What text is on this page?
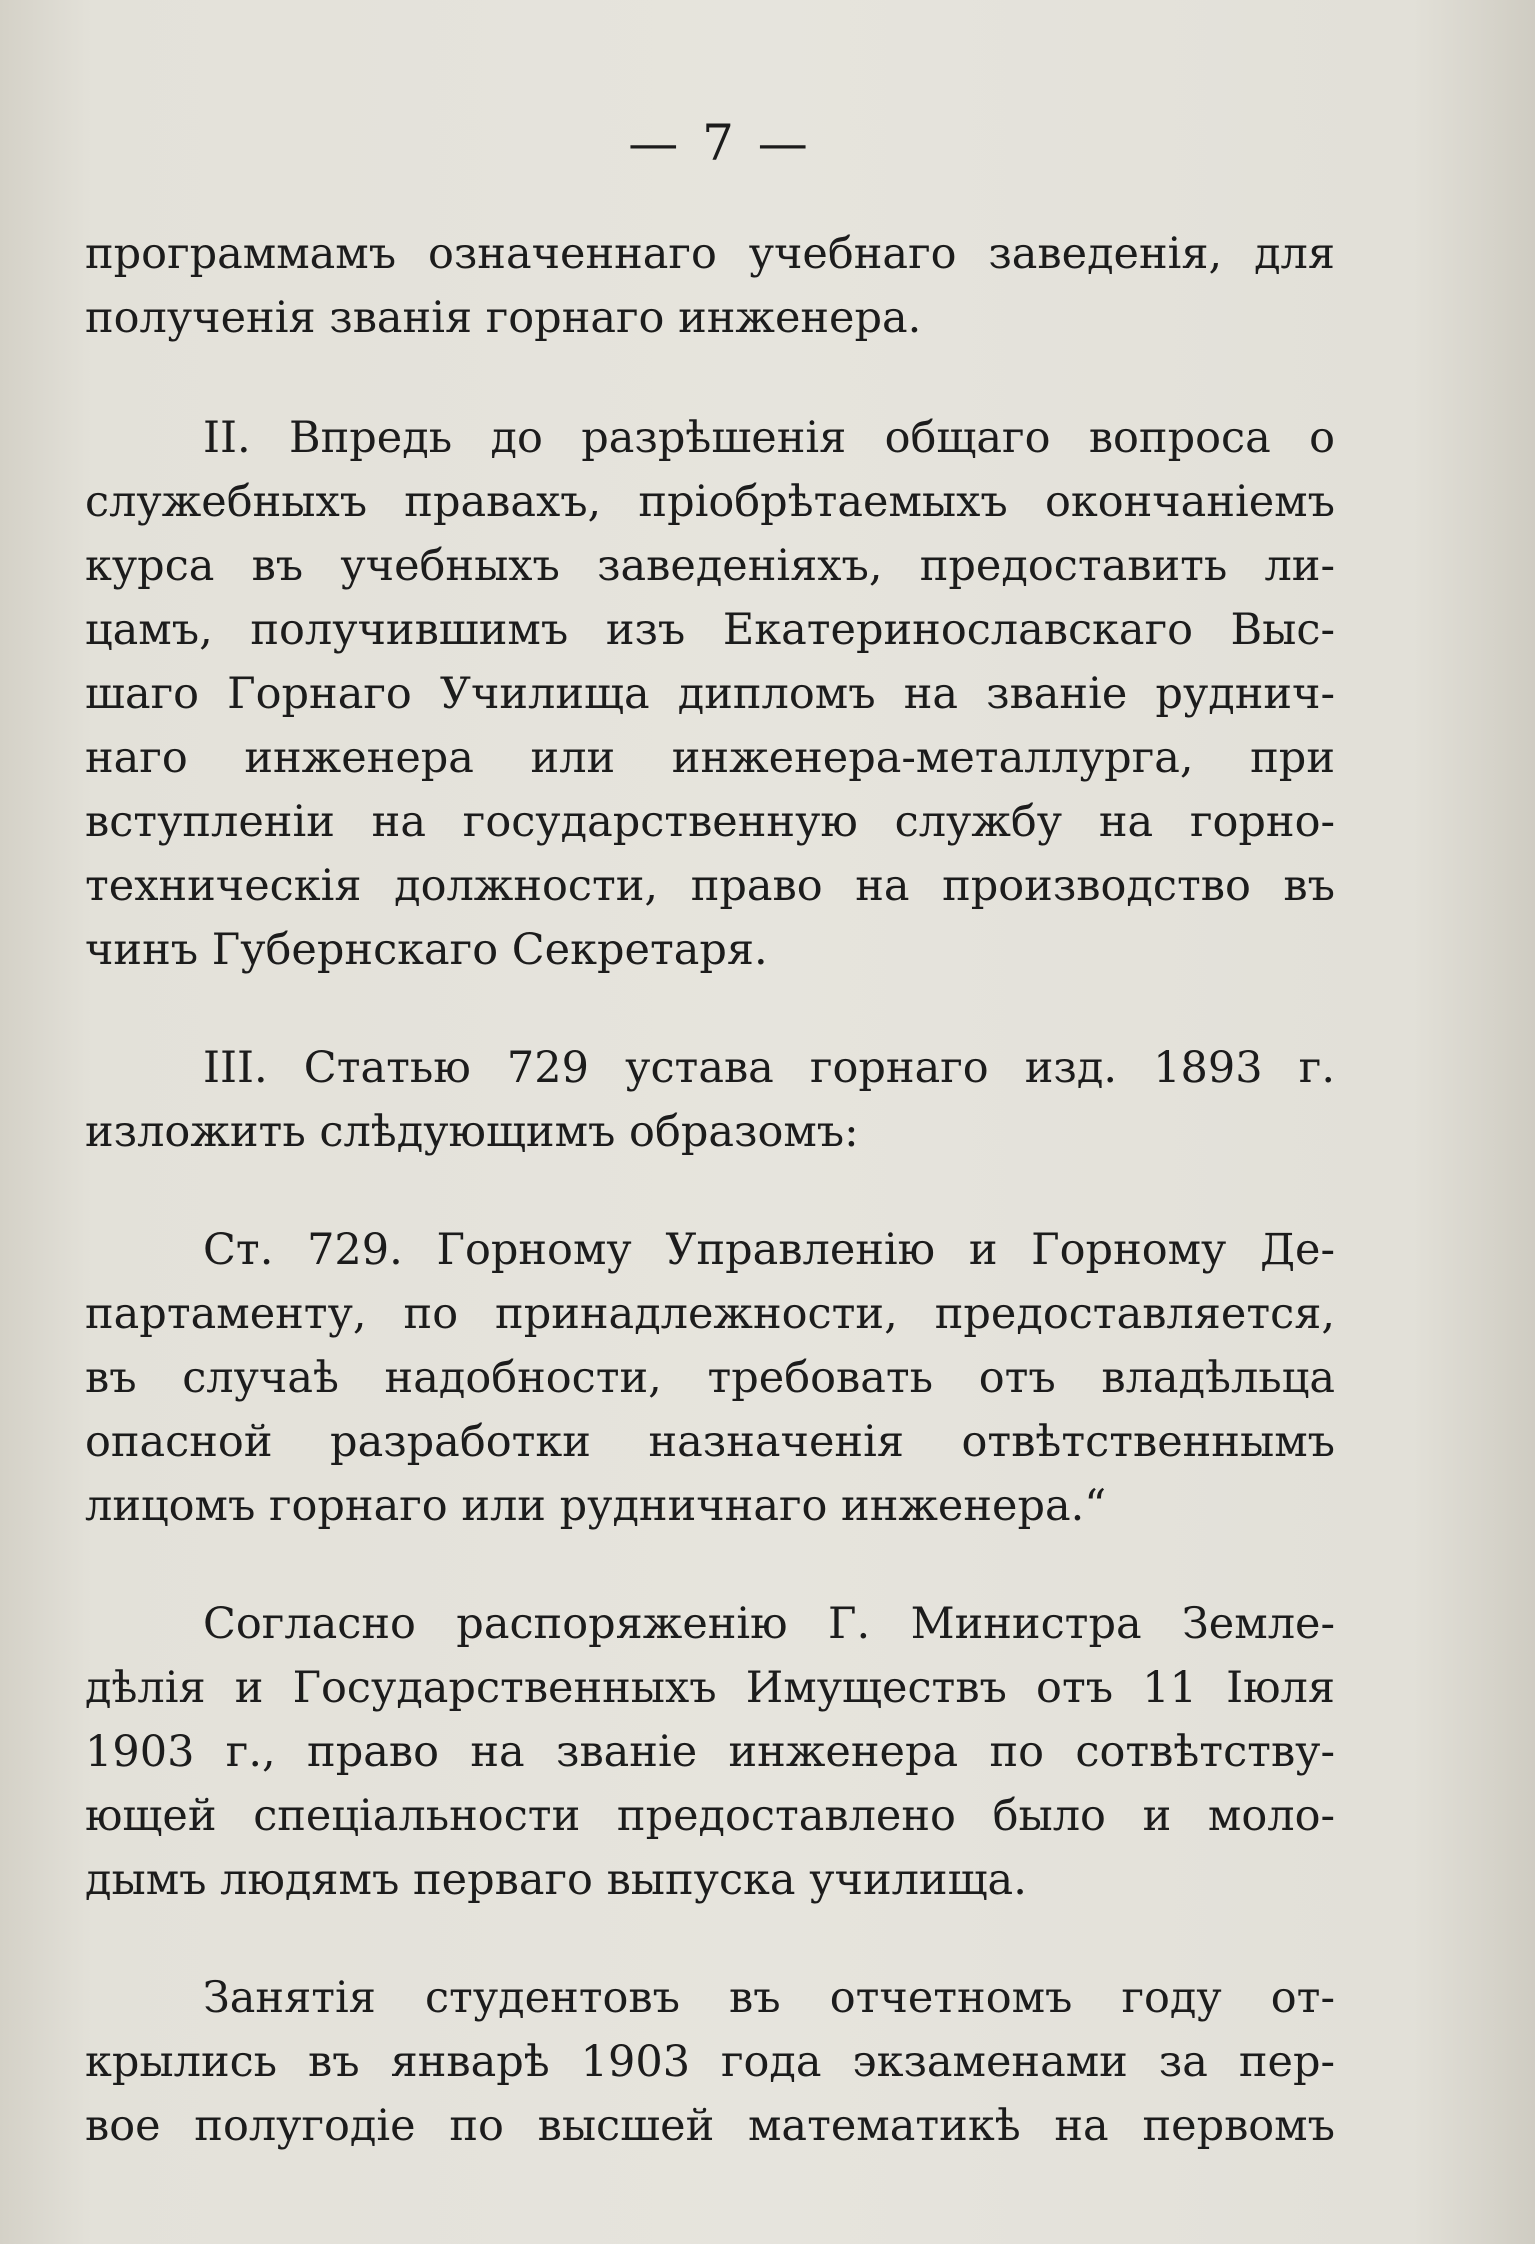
— 7 —
программамъ означеннаго учебнаго заведенія, для
полученія званія горнаго инженера.
II. Впредь до разрѣшенія общаго вопроса о
служебныхъ правахъ, пріобрѣтаемыхъ окончаніемъ
курса въ учебныхъ заведеніяхъ, предоставить ли-
цамъ, получившимъ изъ Екатеринославскаго Выс-
шаго Горнаго Училища дипломъ на званіе руднич-
наго инженера или инженера-металлурга, при
вступленіи на государственную службу на горно-
техническія должности, право на производство въ
чинъ Губернскаго Секретаря.
III. Статью 729 устава горнаго изд. 1893 г.
изложить слѣдующимъ образомъ:
Ст. 729. Горному Управленію и Горному Де-
партаменту, по принадлежности, предоставляется,
въ случаѣ надобности, требовать отъ владѣльца
опасной разработки назначенія отвѣтственнымъ
лицомъ горнаго или рудничнаго инженера.“
Согласно распоряженію Г. Министра Земле-
дѣлія и Государственныхъ Имуществъ отъ 11 Іюля
1903 г., право на званіе инженера по сотвѣтству-
ющей спеціальности предоставлено было и моло-
дымъ людямъ перваго выпуска училища.
Занятія студентовъ въ отчетномъ году от-
крылись въ январѣ 1903 года экзаменами за пер-
вое полугодіе по высшей математикѣ на первомъ
